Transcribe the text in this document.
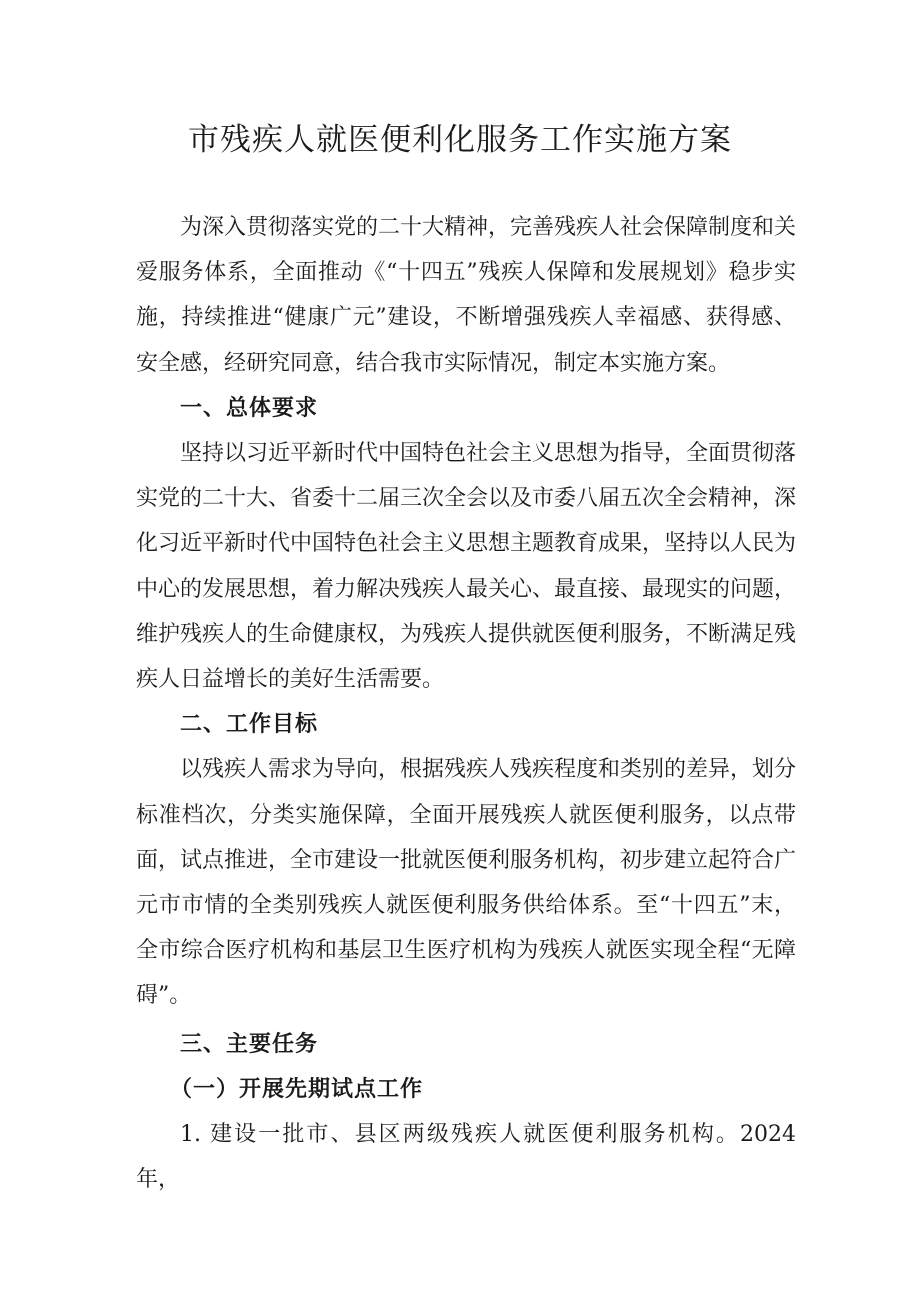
市残疾人就医便利化服务工作实施方案

为深入贯彻落实党的二十大精神，完善残疾人社会保障制度和关爱服务体系，全面推动《“十四五”残疾人保障和发展规划》稳步实施，持续推进“健康广元”建设，不断增强残疾人幸福感、获得感、安全感，经研究同意，结合我市实际情况，制定本实施方案。

一、总体要求

坚持以习近平新时代中国特色社会主义思想为指导，全面贯彻落实党的二十大、省委十二届三次全会以及市委八届五次全会精神，深化习近平新时代中国特色社会主义思想主题教育成果，坚持以人民为中心的发展思想，着力解决残疾人最关心、最直接、最现实的问题，维护残疾人的生命健康权，为残疾人提供就医便利服务，不断满足残疾人日益增长的美好生活需要。

二、工作目标

以残疾人需求为导向，根据残疾人残疾程度和类别的差异，划分标准档次，分类实施保障，全面开展残疾人就医便利服务，以点带面，试点推进，全市建设一批就医便利服务机构，初步建立起符合广元市市情的全类别残疾人就医便利服务供给体系。至“十四五”末，全市综合医疗机构和基层卫生医疗机构为残疾人就医实现全程“无障碍”。

三、主要任务

（一）开展先期试点工作

1. 建设一批市、县区两级残疾人就医便利服务机构。2024 年，
